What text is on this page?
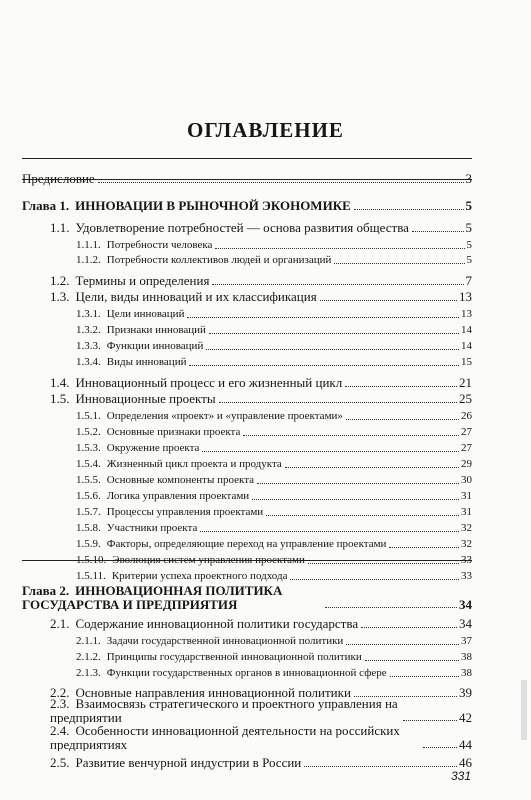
ОГЛАВЛЕНИЕ
Предисловие	3
Глава 1. ИННОВАЦИИ В РЫНОЧНОЙ ЭКОНОМИКЕ	5
1.1. Удовлетворение потребностей — основа развития общества	5
1.1.1. Потребности человека	5
1.1.2. Потребности коллективов людей и организаций	5
1.2. Термины и определения	7
1.3. Цели, виды инноваций и их классификация	13
1.3.1. Цели инноваций	13
1.3.2. Признаки инноваций	14
1.3.3. Функции инноваций	14
1.3.4. Виды инноваций	15
1.4. Инновационный процесс и его жизненный цикл	21
1.5. Инновационные проекты	25
1.5.1. Определения «проект» и «управление проектами»	26
1.5.2. Основные признаки проекта	27
1.5.3. Окружение проекта	27
1.5.4. Жизненный цикл проекта и продукта	29
1.5.5. Основные компоненты проекта	30
1.5.6. Логика управления проектами	31
1.5.7. Процессы управления проектами	31
1.5.8. Участники проекта	32
1.5.9. Факторы, определяющие переход на управление проектами	32
1.5.10. Эволюция систем управления проектами	33
1.5.11. Критерии успеха проектного подхода	33
Глава 2. ИННОВАЦИОННАЯ ПОЛИТИКА ГОСУДАРСТВА И ПРЕДПРИЯТИЯ	34
2.1. Содержание инновационной политики государства	34
2.1.1. Задачи государственной инновационной политики	37
2.1.2. Принципы государственной инновационной политики	38
2.1.3. Функции государственных органов в инновационной сфере	38
2.2. Основные направления инновационной политики	39
2.3. Взаимосвязь стратегического и проектного управления на предприятии	42
2.4. Особенности инновационной деятельности на российских предприятиях	44
2.5. Развитие венчурной индустрии в России	46
331
